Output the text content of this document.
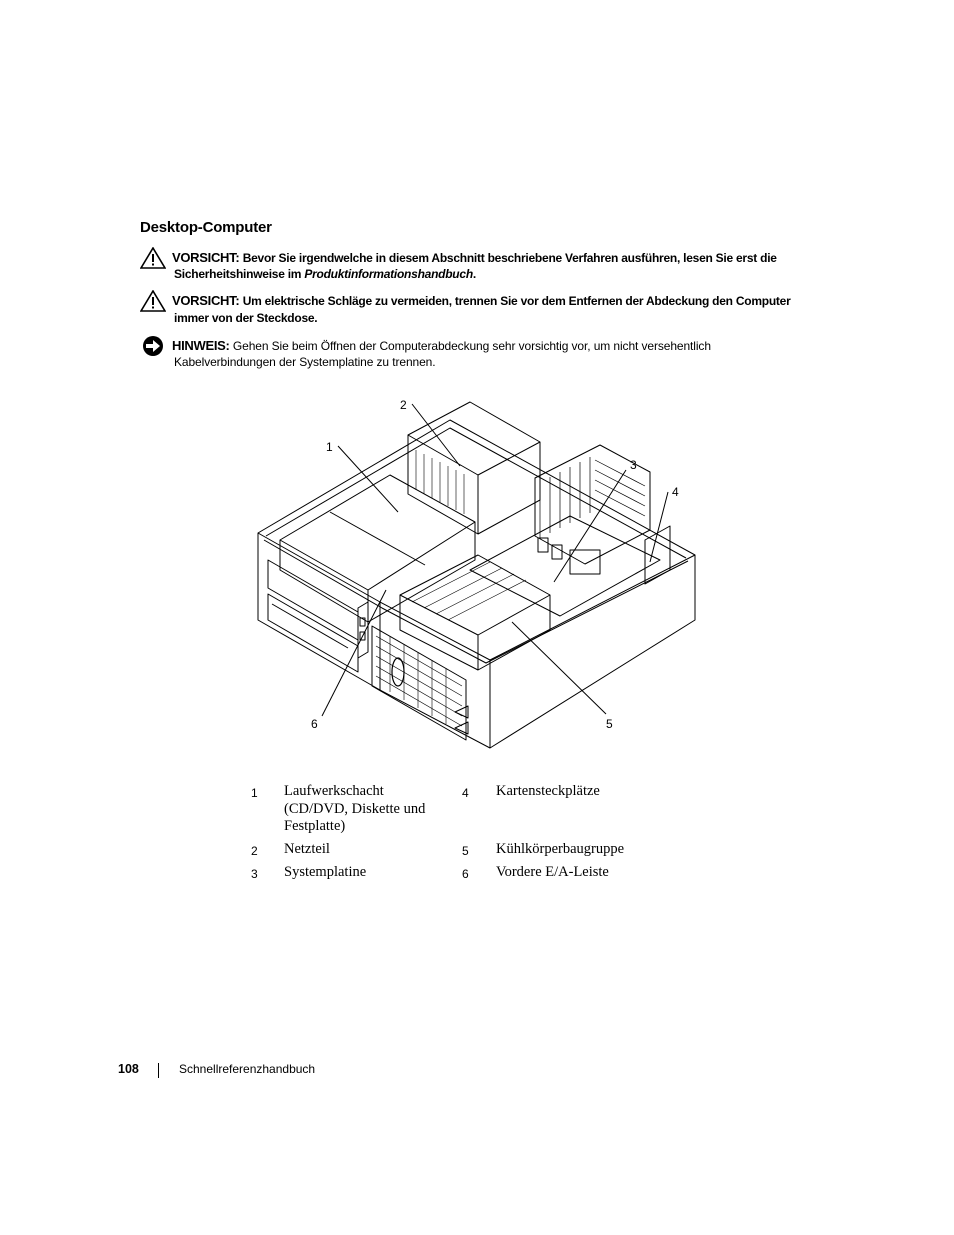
Desktop-Computer
VORSICHT: Bevor Sie irgendwelche in diesem Abschnitt beschriebene Verfahren ausführen, lesen Sie erst die
Sicherheitshinweise im Produktinformationshandbuch.
VORSICHT: Um elektrische Schläge zu vermeiden, trennen Sie vor dem Entfernen der Abdeckung den Computer
immer von der Steckdose.
HINWEIS: Gehen Sie beim Öffnen der Computerabdeckung sehr vorsichtig vor, um nicht versehentlich
Kabelverbindungen der Systemplatine zu trennen.
1
2
3
4
5
6
1 Laufwerkschacht
(CD/DVD, Diskette und
Festplatte)
2 Netzteil
3 Systemplatine
4 Kartensteckplätze
5 Kühlkörperbaugruppe
6 Vordere E/A-Leiste
108	Schnellreferenzhandbuch
